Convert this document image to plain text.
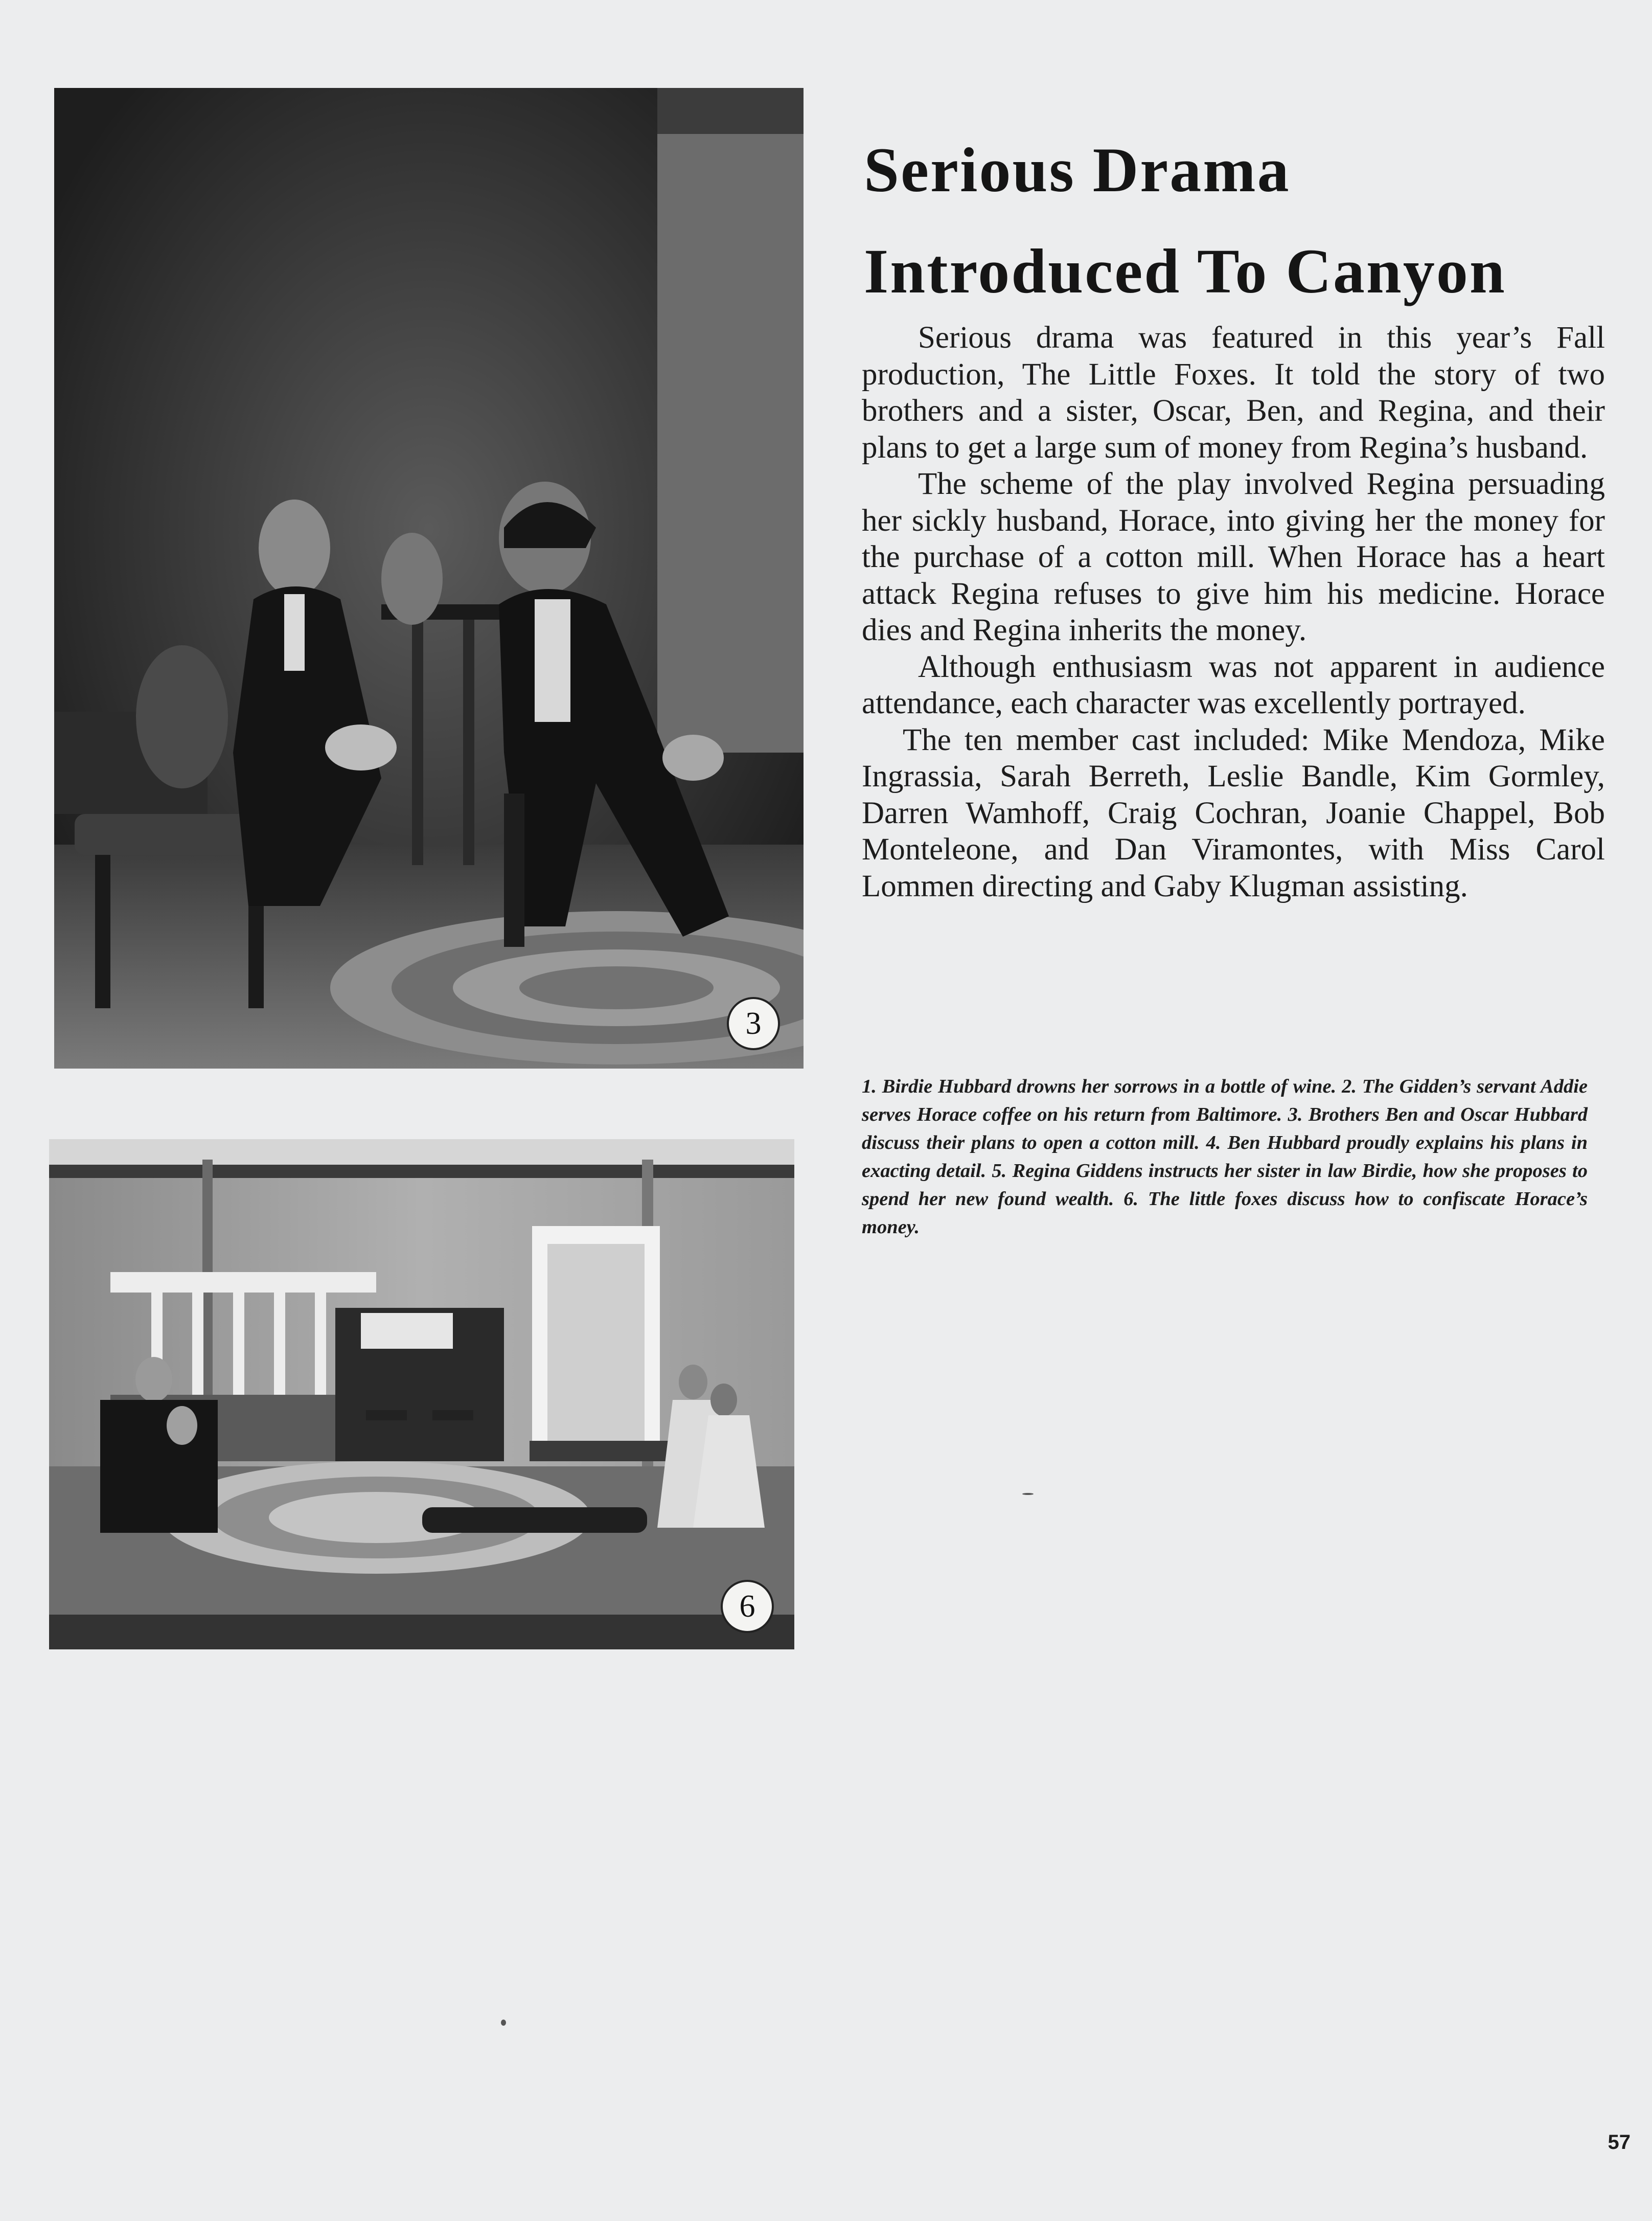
3
6
Serious Drama
Introduced To Canyon

Serious drama was featured in this year’s Fall production, The Little Foxes. It told the story of two brothers and a sister, Oscar, Ben, and Regina, and their plans to get a large sum of money from Regina’s husband.

The scheme of the play involved Regina persuading her sickly husband, Horace, into giving her the money for the purchase of a cotton mill. When Horace has a heart attack Regina refuses to give him his medicine. Horace dies and Regina inherits the money.

Although enthusiasm was not apparent in audience attendance, each character was excellently portrayed.

The ten member cast included: Mike Mendoza, Mike Ingrassia, Sarah Berreth, Leslie Bandle, Kim Gormley, Darren Wamhoff, Craig Cochran, Joanie Chappel, Bob Monteleone, and Dan Viramontes, with Miss Carol Lommen directing and Gaby Klugman assisting.

1. Birdie Hubbard drowns her sorrows in a bottle of wine. 2. The Gidden’s servant Addie serves Horace coffee on his return from Baltimore. 3. Brothers Ben and Oscar Hubbard discuss their plans to open a cotton mill. 4. Ben Hubbard proudly explains his plans in exacting detail. 5. Regina Giddens instructs her sister in law Birdie, how she proposes to spend her new found wealth. 6. The little foxes discuss how to confiscate Horace’s money.

57
